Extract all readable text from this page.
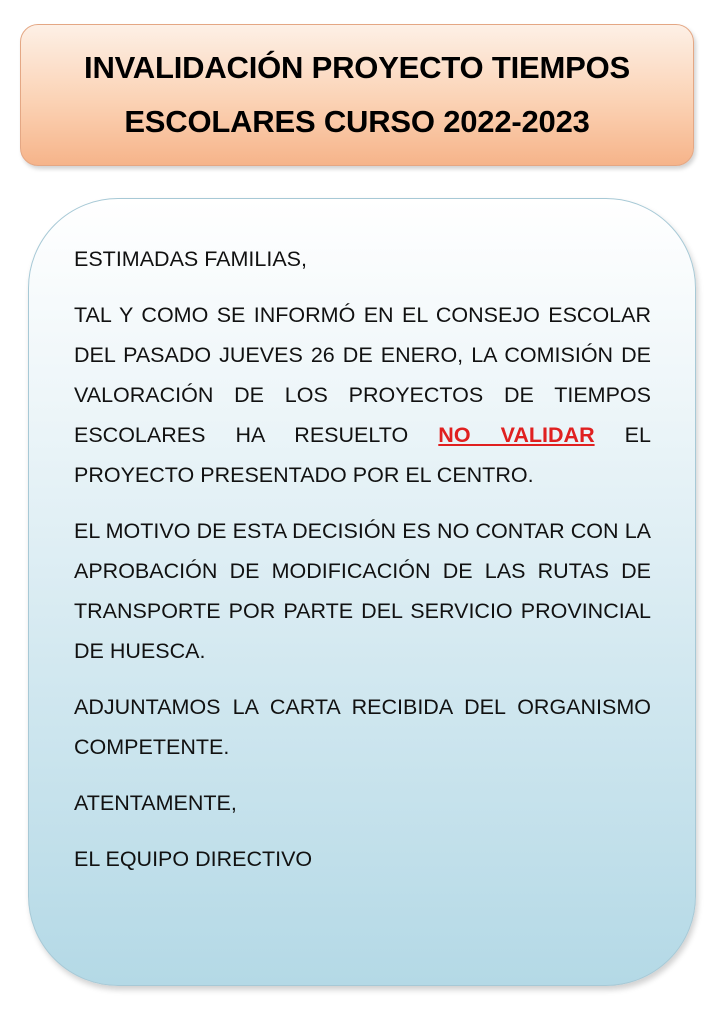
INVALIDACIÓN PROYECTO TIEMPOS
ESCOLARES CURSO 2022-2023

ESTIMADAS FAMILIAS,

TAL Y COMO SE INFORMÓ EN EL CONSEJO ESCOLAR DEL PASADO JUEVES 26 DE ENERO, LA COMISIÓN DE VALORACIÓN DE LOS PROYECTOS DE TIEMPOS ESCOLARES HA RESUELTO NO VALIDAR EL PROYECTO PRESENTADO POR EL CENTRO.

EL MOTIVO DE ESTA DECISIÓN ES NO CONTAR CON LA APROBACIÓN DE MODIFICACIÓN DE LAS RUTAS DE TRANSPORTE POR PARTE DEL SERVICIO PROVINCIAL DE HUESCA.

ADJUNTAMOS LA CARTA RECIBIDA DEL ORGANISMO COMPETENTE.

ATENTAMENTE,

EL EQUIPO DIRECTIVO
